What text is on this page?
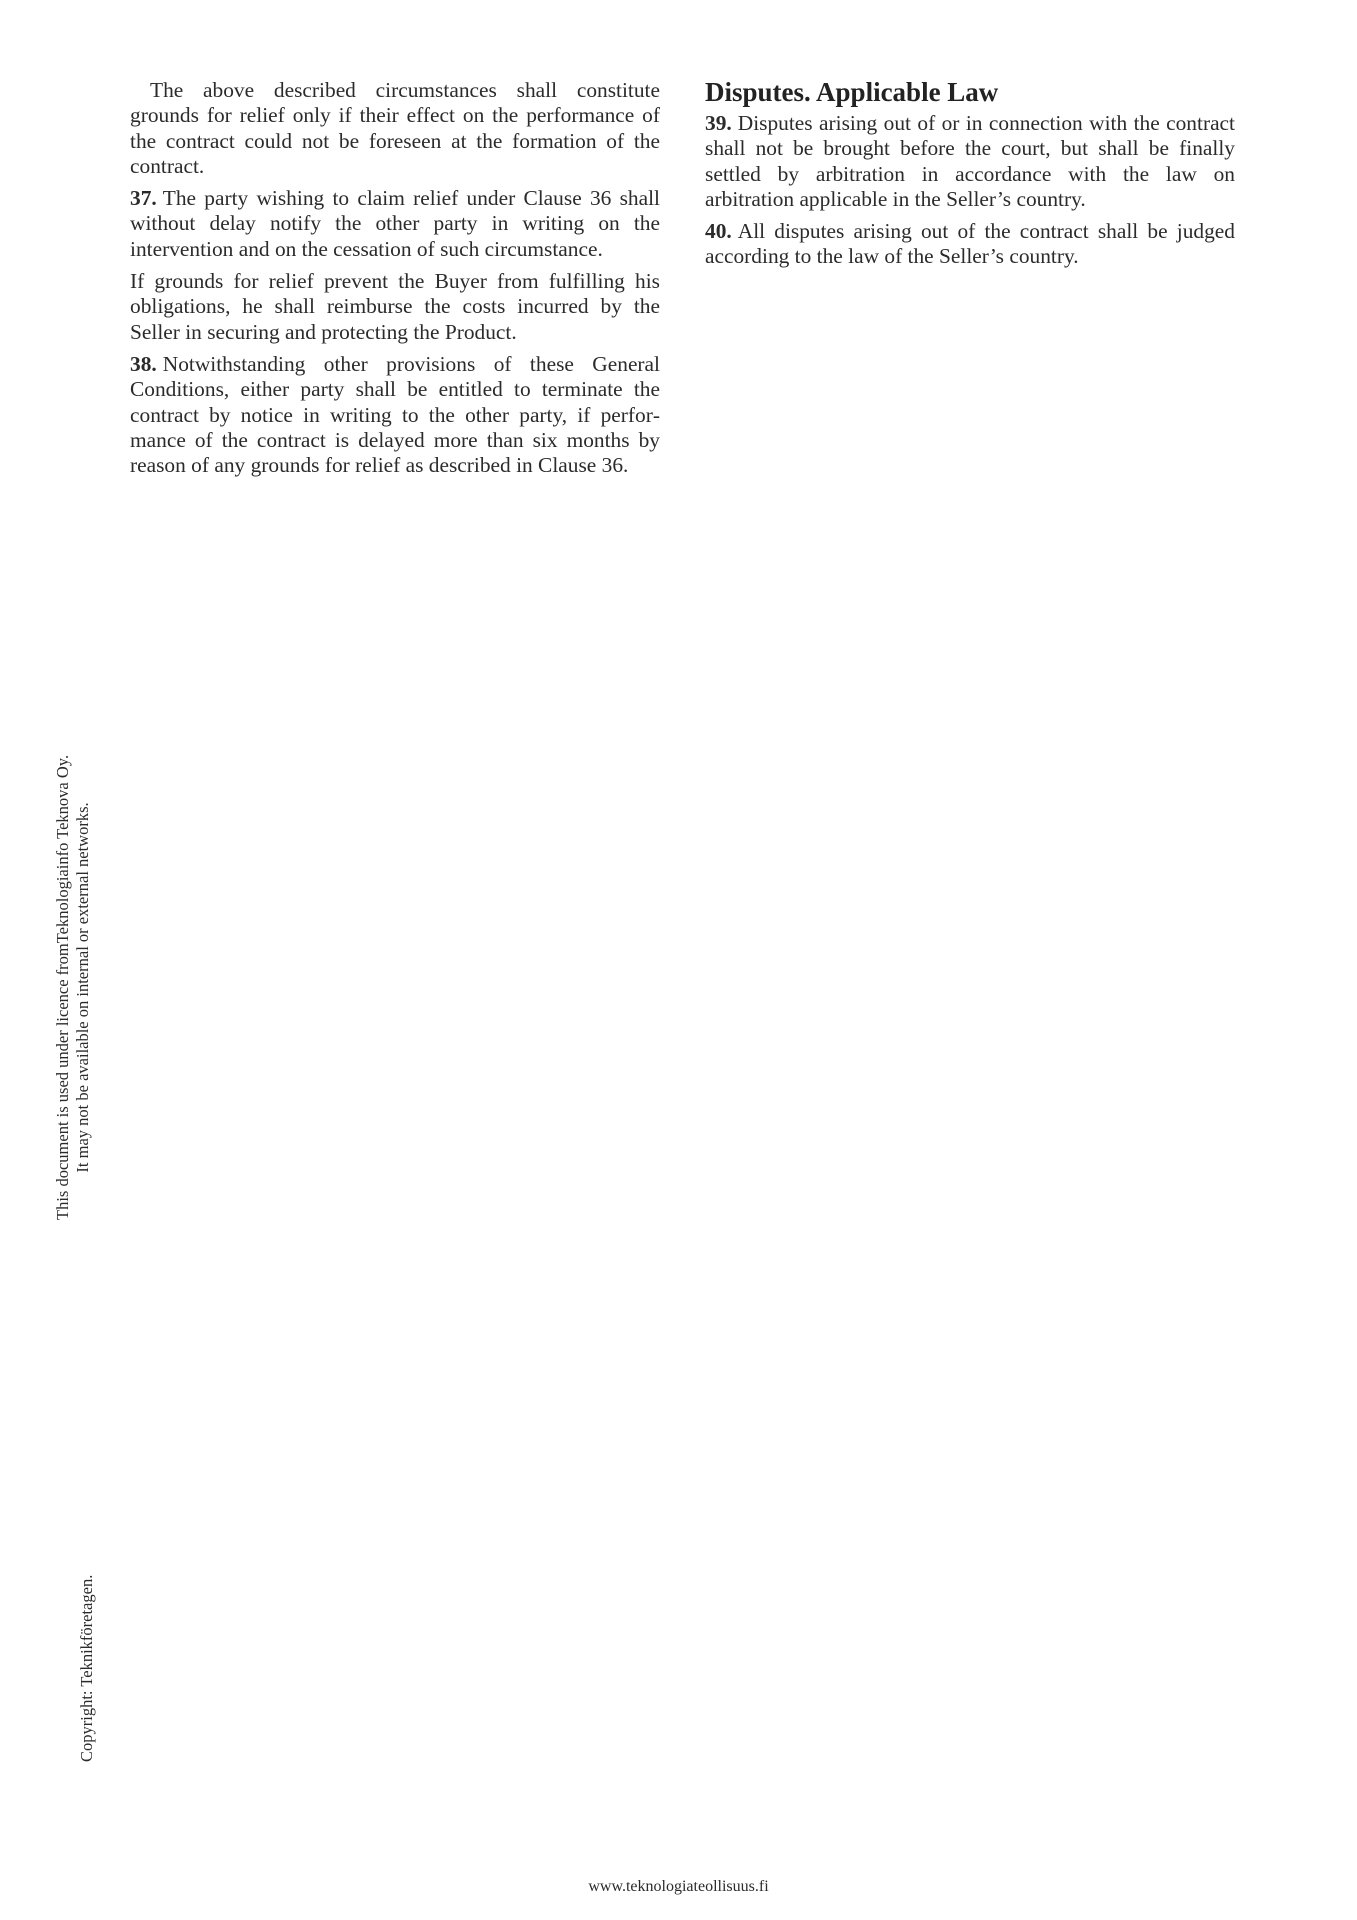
The above described circumstances shall constitute grounds for relief only if their effect on the performance of the contract could not be foreseen at the formation of the contract.

37. The party wishing to claim relief under Clause 36 shall without delay notify the other party in writing on the intervention and on the cessation of such circumstance.

If grounds for relief prevent the Buyer from fulfilling his obligations, he shall reimburse the costs incurred by the Seller in securing and protecting the Product.

38. Notwithstanding other provisions of these General Conditions, either party shall be entitled to terminate the contract by notice in writing to the other party, if performance of the contract is delayed more than six months by reason of any grounds for relief as described in Clause 36.

Disputes. Applicable Law

39. Disputes arising out of or in connection with the contract shall not be brought before the court, but shall be finally settled by arbitration in accordance with the law on arbitration applicable in the Seller’s country.

40. All disputes arising out of the contract shall be judged according to the law of the Seller’s country.

This document is used under licence fromTeknologiainfo Teknova Oy. It may not be available on internal or external networks.
Copyright: Teknikföretagen.
www.teknologiateollisuus.fi
